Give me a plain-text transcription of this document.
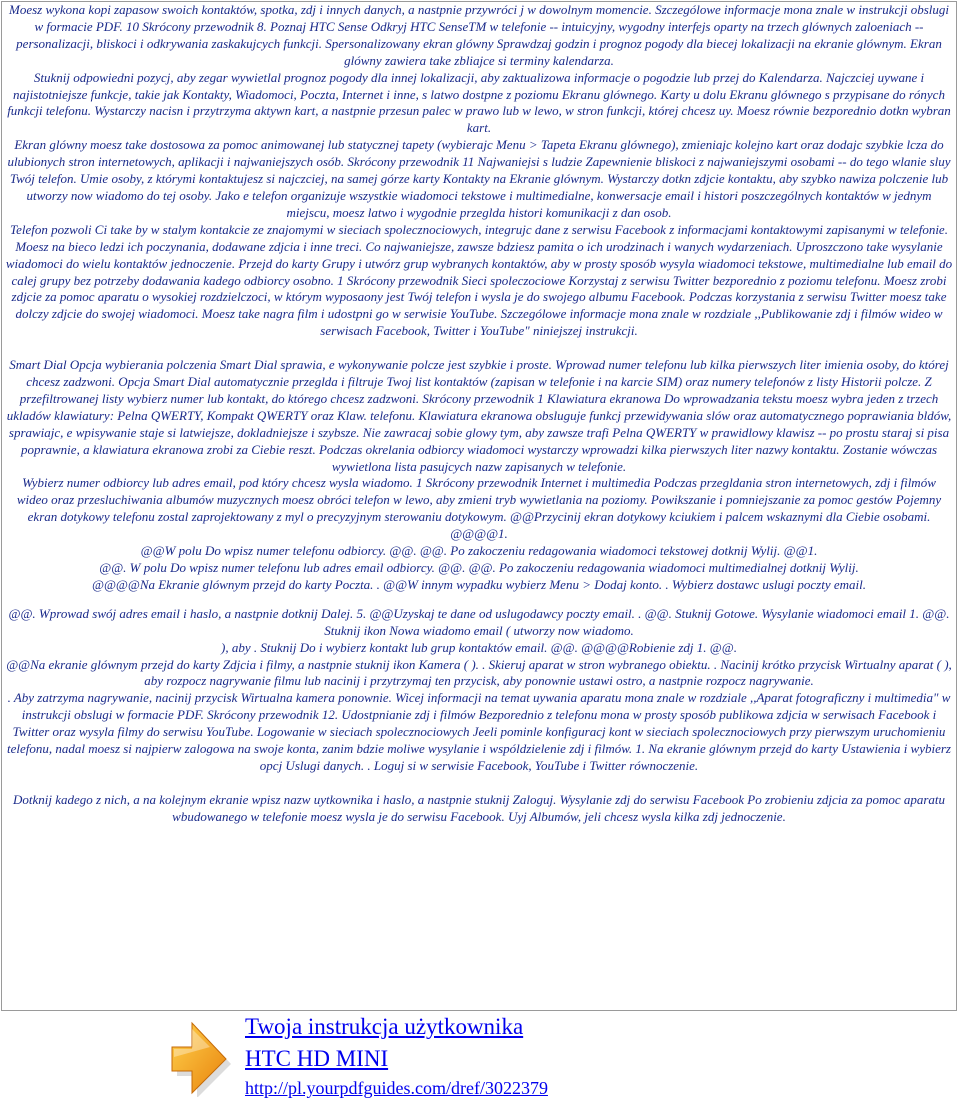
Moesz wykona kopi zapasow swoich kontaktów, spotka, zdj i innych danych, a nastpnie przywróci j w dowolnym momencie. Szczególowe informacje mona znale w instrukcji obslugi w formacie PDF. 10 Skrócony przewodnik 8. Poznaj HTC Sense Odkryj HTC SenseTM w telefonie -- intuicyjny, wygodny interfejs oparty na trzech glównych zaloeniach -- personalizacji, bliskoci i odkrywania zaskakujcych funkcji. Spersonalizowany ekran glówny Sprawdzaj godzin i prognoz pogody dla biecej lokalizacji na ekranie glównym. Ekran glówny zawiera take zbliajce si terminy kalendarza.

Stuknij odpowiedni pozycj, aby zegar wywietlal prognoz pogody dla innej lokalizacji, aby zaktualizowa informacje o pogodzie lub przej do Kalendarza. Najczciej uywane i najistotniejsze funkcje, takie jak Kontakty, Wiadomoci, Poczta, Internet i inne, s latwo dostpne z poziomu Ekranu glównego. Karty u dolu Ekranu glównego s przypisane do rónych funkcji telefonu. Wystarczy nacisn i przytrzyma aktywn kart, a nastpnie przesun palec w prawo lub w lewo, w stron funkcji, której chcesz uy. Moesz równie bezporednio dotkn wybran kart.

Ekran glówny moesz take dostosowa za pomoc animowanej lub statycznej tapety (wybierajc Menu > Tapeta Ekranu glównego), zmieniajc kolejno kart oraz dodajc szybkie lcza do ulubionych stron internetowych, aplikacji i najwaniejszych osób. Skrócony przewodnik 11 Najwaniejsi s ludzie Zapewnienie bliskoci z najwaniejszymi osobami -- do tego wlanie sluy Twój telefon. Umie osoby, z którymi kontaktujesz si najczciej, na samej górze karty Kontakty na Ekranie glównym. Wystarczy dotkn zdjcie kontaktu, aby szybko nawiza polczenie lub utworzy now wiadomo do tej osoby. Jako e telefon organizuje wszystkie wiadomoci tekstowe i multimedialne, konwersacje email i histori poszczególnych kontaktów w jednym miejscu, moesz latwo i wygodnie przeglda histori komunikacji z dan osob.

Telefon pozwoli Ci take by w stalym kontakcie ze znajomymi w sieciach spolecznociowych, integrujc dane z serwisu Facebook z informacjami kontaktowymi zapisanymi w telefonie. Moesz na bieco ledzi ich poczynania, dodawane zdjcia i inne treci. Co najwaniejsze, zawsze bdziesz pamita o ich urodzinach i wanych wydarzeniach. Uproszczono take wysylanie wiadomoci do wielu kontaktów jednoczenie. Przejd do karty Grupy i utwórz grup wybranych kontaktów, aby w prosty sposób wysyla wiadomoci tekstowe, multimedialne lub email do calej grupy bez potrzeby dodawania kadego odbiorcy osobno. 1 Skrócony przewodnik Sieci spoleczociowe Korzystaj z serwisu Twitter bezporednio z poziomu telefonu. Moesz zrobi zdjcie za pomoc aparatu o wysokiej rozdzielczoci, w którym wyposaony jest Twój telefon i wysla je do swojego albumu Facebook. Podczas korzystania z serwisu Twitter moesz take dolczy zdjcie do swojej wiadomoci. Moesz take nagra film i udostpni go w serwisie YouTube. Szczególowe informacje mona znale w rozdziale ,,Publikowanie zdj i filmów wideo w serwisach Facebook, Twitter i YouTube" niniejszej instrukcji.

Smart Dial Opcja wybierania polczenia Smart Dial sprawia, e wykonywanie polcze jest szybkie i proste. Wprowad numer telefonu lub kilka pierwszych liter imienia osoby, do której chcesz zadzwoni. Opcja Smart Dial automatycznie przeglda i filtruje Twoj list kontaktów (zapisan w telefonie i na karcie SIM) oraz numery telefonów z listy Historii polcze. Z przefiltrowanej listy wybierz numer lub kontakt, do którego chcesz zadzwoni. Skrócony przewodnik 1 Klawiatura ekranowa Do wprowadzania tekstu moesz wybra jeden z trzech ukladów klawiatury: Pelna QWERTY, Kompakt QWERTY oraz Klaw. telefonu. Klawiatura ekranowa obsluguje funkcj przewidywania slów oraz automatycznego poprawiania bldów, sprawiajc, e wpisywanie staje si latwiejsze, dokladniejsze i szybsze. Nie zawracaj sobie glowy tym, aby zawsze trafi Pelna QWERTY w prawidlowy klawisz -- po prostu staraj si pisa poprawnie, a klawiatura ekranowa zrobi za Ciebie reszt. Podczas okrelania odbiorcy wiadomoci wystarczy wprowadzi kilka pierwszych liter nazwy kontaktu. Zostanie wówczas wywietlona lista pasujcych nazw zapisanych w telefonie.

Wybierz numer odbiorcy lub adres email, pod który chcesz wysla wiadomo. 1 Skrócony przewodnik Internet i multimedia Podczas przegldania stron internetowych, zdj i filmów wideo oraz przesluchiwania albumów muzycznych moesz obróci telefon w lewo, aby zmieni tryb wywietlania na poziomy. Powikszanie i pomniejszanie za pomoc gestów Pojemny ekran dotykowy telefonu zostal zaprojektowany z myl o precyzyjnym sterowaniu dotykowym. @@Przycinij ekran dotykowy kciukiem i palcem wskaznymi dla Ciebie osobami. @@@@1.

@@W polu Do wpisz numer telefonu odbiorcy. @@. @@. Po zakoczeniu redagowania wiadomoci tekstowej dotknij Wylij. @@1.

@@. W polu Do wpisz numer telefonu lub adres email odbiorcy. @@. @@. Po zakoczeniu redagowania wiadomoci multimedialnej dotknij Wylij.

@@@@Na Ekranie glównym przejd do karty Poczta. . @@W innym wypadku wybierz Menu > Dodaj konto. . Wybierz dostawc uslugi poczty email.

@@. Wprowad swój adres email i haslo, a nastpnie dotknij Dalej. 5. @@Uzyskaj te dane od uslugodawcy poczty email. . @@. Stuknij Gotowe. Wysylanie wiadomoci email 1. @@. Stuknij ikon Nowa wiadomo email ( utworzy now wiadomo.

), aby . Stuknij Do i wybierz kontakt lub grup kontaktów email. @@. @@@@Robienie zdj 1. @@.

@@Na ekranie glównym przejd do karty Zdjcia i filmy, a nastpnie stuknij ikon Kamera ( ). . Skieruj aparat w stron wybranego obiektu. . Nacinij krótko przycisk Wirtualny aparat ( ), aby rozpocz nagrywanie filmu lub nacinij i przytrzymaj ten przycisk, aby ponownie ustawi ostro, a nastpnie rozpocz nagrywanie.

. Aby zatrzyma nagrywanie, nacinij przycisk Wirtualna kamera ponownie. Wicej informacji na temat uywania aparatu mona znale w rozdziale ,,Aparat fotograficzny i multimedia" w instrukcji obslugi w formacie PDF. Skrócony przewodnik 12. Udostpnianie zdj i filmów Bezporednio z telefonu mona w prosty sposób publikowa zdjcia w serwisach Facebook i Twitter oraz wysyla filmy do serwisu YouTube. Logowanie w sieciach spolecznociowych Jeeli pominle konfiguracj kont w sieciach spolecznociowych przy pierwszym uruchomieniu telefonu, nadal moesz si najpierw zalogowa na swoje konta, zanim bdzie moliwe wysylanie i wspóldzielenie zdj i filmów. 1. Na ekranie glównym przejd do karty Ustawienia i wybierz opcj Uslugi danych. . Loguj si w serwisie Facebook, YouTube i Twitter równoczenie.

Dotknij kadego z nich, a na kolejnym ekranie wpisz nazw uytkownika i haslo, a nastpnie stuknij Zaloguj. Wysylanie zdj do serwisu Facebook Po zrobieniu zdjcia za pomoc aparatu wbudowanego w telefonie moesz wysla je do serwisu Facebook. Uyj Albumów, jeli chcesz wysla kilka zdj jednoczenie.

Twoja instrukcja użytkownika
HTC HD MINI
http://pl.yourpdfguides.com/dref/3022379
